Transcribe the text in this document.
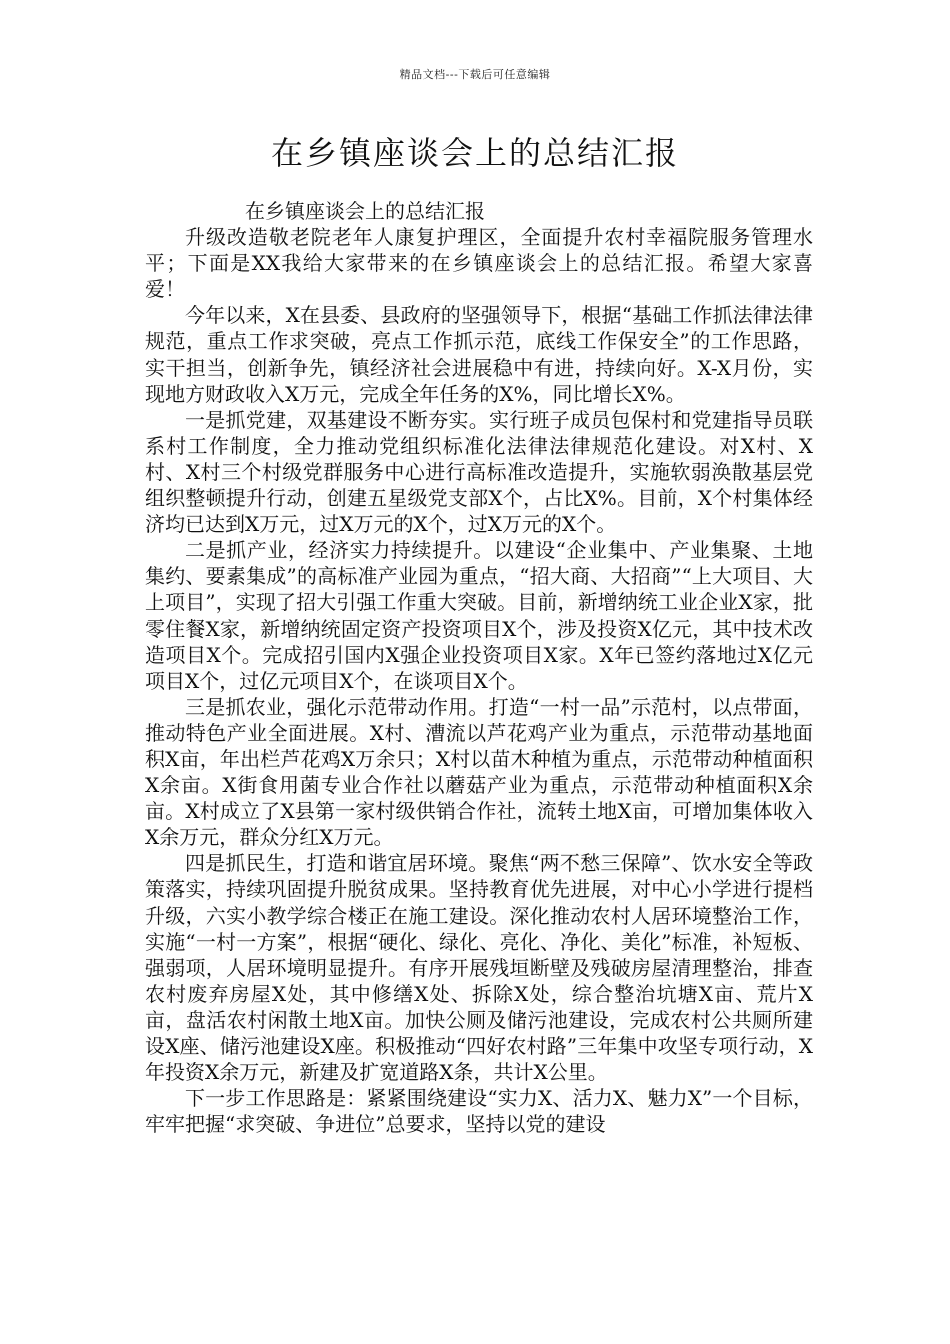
精品文档---下载后可任意编辑
在乡镇座谈会上的总结汇报

在乡镇座谈会上的总结汇报

升级改造敬老院老年人康复护理区，全面提升农村幸福院服务管理水平；下面是XX我给大家带来的在乡镇座谈会上的总结汇报。希望大家喜爱！

今年以来，X在县委、县政府的坚强领导下，根据“基础工作抓法律法律规范，重点工作求突破，亮点工作抓示范，底线工作保安全”的工作思路，实干担当，创新争先，镇经济社会进展稳中有进，持续向好。X-X月份，实现地方财政收入X万元，完成全年任务的X%，同比增长X%。

一是抓党建，双基建设不断夯实。实行班子成员包保村和党建指导员联系村工作制度，全力推动党组织标准化法律法律规范化建设。对X村、X村、X村三个村级党群服务中心进行高标准改造提升，实施软弱涣散基层党组织整顿提升行动，创建五星级党支部X个，占比X%。目前，X个村集体经济均已达到X万元，过X万元的X个，过X万元的X个。

二是抓产业，经济实力持续提升。以建设“企业集中、产业集聚、土地集约、要素集成”的高标准产业园为重点，“招大商、大招商”“上大项目、大上项目”，实现了招大引强工作重大突破。目前，新增纳统工业企业X家，批零住餐X家，新增纳统固定资产投资项目X个，涉及投资X亿元，其中技术改造项目X个。完成招引国内X强企业投资项目X家。X年已签约落地过X亿元项目X个，过亿元项目X个，在谈项目X个。

三是抓农业，强化示范带动作用。打造“一村一品”示范村，以点带面，推动特色产业全面进展。X村、漕流以芦花鸡产业为重点，示范带动基地面积X亩，年出栏芦花鸡X万余只；X村以苗木种植为重点，示范带动种植面积X余亩。X街食用菌专业合作社以蘑菇产业为重点，示范带动种植面积X余亩。X村成立了X县第一家村级供销合作社，流转土地X亩，可增加集体收入X余万元，群众分红X万元。

四是抓民生，打造和谐宜居环境。聚焦“两不愁三保障”、饮水安全等政策落实，持续巩固提升脱贫成果。坚持教育优先进展，对中心小学进行提档升级，六实小教学综合楼正在施工建设。深化推动农村人居环境整治工作，实施“一村一方案”，根据“硬化、绿化、亮化、净化、美化”标准，补短板、强弱项，人居环境明显提升。有序开展残垣断壁及残破房屋清理整治，排查农村废弃房屋X处，其中修缮X处、拆除X处，综合整治坑塘X亩、荒片X亩，盘活农村闲散土地X亩。加快公厕及储污池建设，完成农村公共厕所建设X座、储污池建设X座。积极推动“四好农村路”三年集中攻坚专项行动，X年投资X余万元，新建及扩宽道路X条，共计X公里。

下一步工作思路是：紧紧围绕建设“实力X、活力X、魅力X”一个目标，牢牢把握“求突破、争进位”总要求，坚持以党的建设
